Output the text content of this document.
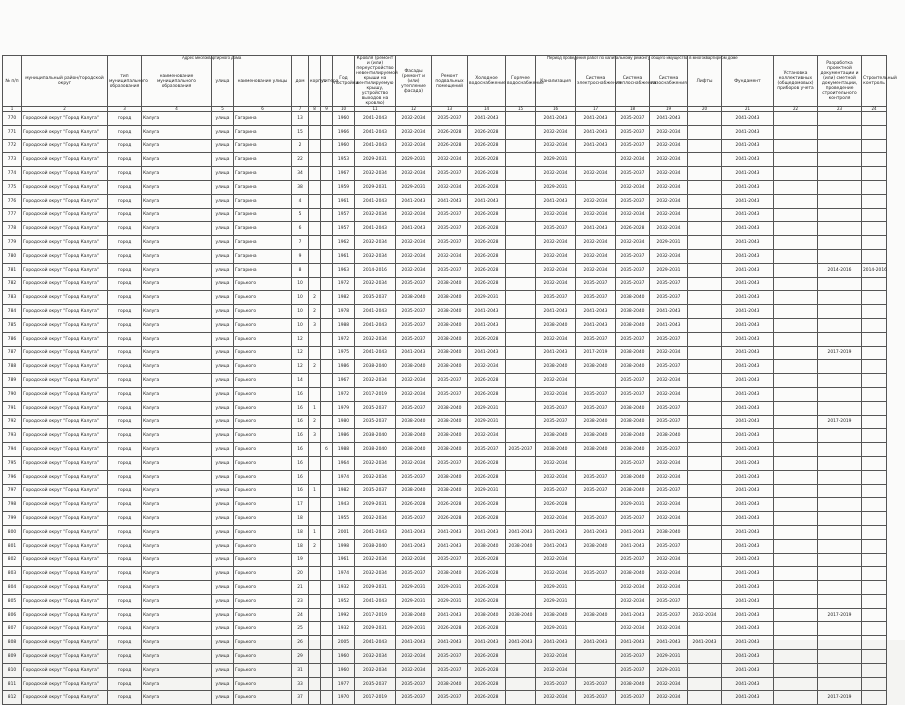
Адрес многоквартирного дома	Период проведения работ по капитальному ремонту общего имущества в многоквартирном доме
№ п/п	муниципальный район/городской округ	тип муниципального образования	наименование муниципального образования	улица	наименование улицы	дом	корпус	литера	Год постройки	Кровля (ремонт и (или) переустройство невентилируемой крыши на вентилируемую крышу, устройство выходов на кровлю)	Фасады (ремонт и (или) утепление фасада)	Ремонт подвальных помещений	Холодное водоснабжение	Горячее водоснабжение	Канализация	Система электроснабжения	Система теплоснабжения	Система газоснабжения	Лифты	Фундамент	Установка коллективных (общедомовых) приборов учета	Разработка проектной документации и (или) сметной документации, проведение строительного контроля	Строительный контроль
1	2	3	4	5	6	7	8	9	10	11	12	13	14	15	16	17	18	19	20	21	22	23	24
770	Городской округ "Город Калуга"	город	Калуга	улица	Гагарина	13			1960	2041-2043	2032-2034	2035-2037	2041-2043		2041-2043	2041-2043	2035-2037	2041-2043		2041-2043			
771	Городской округ "Город Калуга"	город	Калуга	улица	Гагарина	15			1966	2041-2043	2032-2034	2026-2028	2026-2028		2032-2034	2041-2043	2035-2037	2032-2034		2041-2043			
772	Городской округ "Город Калуга"	город	Калуга	улица	Гагарина	2			1960	2041-2043	2032-2034	2026-2028	2026-2028		2032-2034	2041-2043	2035-2037	2032-2034		2041-2043			
773	Городской округ "Город Калуга"	город	Калуга	улица	Гагарина	22			1953	2029-2031	2029-2031	2032-2034	2026-2028		2029-2031		2032-2034	2032-2034		2041-2043			
774	Городской округ "Город Калуга"	город	Калуга	улица	Гагарина	34			1967	2032-2034	2032-2034	2035-2037	2026-2028		2032-2034	2032-2034	2035-2037	2032-2034		2041-2043			
775	Городской округ "Город Калуга"	город	Калуга	улица	Гагарина	38			1959	2029-2031	2029-2031	2032-2034	2026-2028		2029-2031		2032-2034	2032-2034		2041-2043			
776	Городской округ "Город Калуга"	город	Калуга	улица	Гагарина	4			1961	2041-2043	2041-2043	2041-2043	2041-2043		2041-2043	2032-2034	2035-2037	2032-2034		2041-2043			
777	Городской округ "Город Калуга"	город	Калуга	улица	Гагарина	5			1957	2032-2034	2032-2034	2035-2037	2026-2028		2032-2034	2032-2034	2032-2034	2032-2034		2041-2043			
778	Городской округ "Город Калуга"	город	Калуга	улица	Гагарина	6			1957	2041-2043	2041-2043	2035-2037	2026-2028		2035-2037	2041-2043	2026-2028	2032-2034		2041-2043			
779	Городской округ "Город Калуга"	город	Калуга	улица	Гагарина	7			1962	2032-2034	2032-2034	2035-2037	2026-2028		2032-2034	2032-2034	2032-2034	2029-2031		2041-2043			
780	Городской округ "Город Калуга"	город	Калуга	улица	Гагарина	9			1961	2032-2034	2032-2034	2032-2034	2026-2028		2032-2034	2032-2034	2035-2037	2032-2034		2041-2043			
781	Городской округ "Город Калуга"	город	Калуга	улица	Гагарина	8			1963	2014-2016	2032-2034	2035-2037	2026-2028		2032-2034	2032-2034	2035-2037	2029-2031		2041-2043		2014-2016	2014-2016
782	Городской округ "Город Калуга"	город	Калуга	улица	Горького	10			1972	2032-2034	2035-2037	2038-2040	2026-2028		2032-2034	2035-2037	2035-2037	2035-2037		2041-2043			
783	Городской округ "Город Калуга"	город	Калуга	улица	Горького	10	2		1982	2035-2037	2038-2040	2038-2040	2029-2031		2035-2037	2035-2037	2038-2040	2035-2037		2041-2043			
784	Городской округ "Город Калуга"	город	Калуга	улица	Горького	10	2		1978	2041-2043	2035-2037	2038-2040	2041-2043		2041-2043	2041-2043	2038-2040	2041-2043		2041-2043			
785	Городской округ "Город Калуга"	город	Калуга	улица	Горького	10	3		1988	2041-2043	2035-2037	2038-2040	2041-2043		2038-2040	2041-2043	2038-2040	2041-2043		2041-2043			
786	Городской округ "Город Калуга"	город	Калуга	улица	Горького	12			1972	2032-2034	2035-2037	2038-2040	2026-2028		2032-2034	2035-2037	2035-2037	2035-2037		2041-2043			
787	Городской округ "Город Калуга"	город	Калуга	улица	Горького	12			1975	2041-2043	2041-2043	2038-2040	2041-2043		2041-2043	2017-2019	2038-2040	2032-2034		2041-2043		2017-2019	
788	Городской округ "Город Калуга"	город	Калуга	улица	Горького	12	2		1986	2038-2040	2038-2040	2038-2040	2032-2034		2038-2040	2038-2040	2038-2040	2035-2037		2041-2043			
789	Городской округ "Город Калуга"	город	Калуга	улица	Горького	14			1967	2032-2034	2032-2034	2035-2037	2026-2028		2032-2034		2035-2037	2032-2034		2041-2043			
790	Городской округ "Город Калуга"	город	Калуга	улица	Горького	16			1972	2017-2019	2032-2034	2035-2037	2026-2028		2032-2034	2035-2037	2035-2037	2032-2034		2041-2043			
791	Городской округ "Город Калуга"	город	Калуга	улица	Горького	16	1		1979	2035-2037	2035-2037	2038-2040	2029-2031		2035-2037	2035-2037	2038-2040	2035-2037		2041-2043			
792	Городской округ "Город Калуга"	город	Калуга	улица	Горького	16	2		1980	2035-2037	2038-2040	2038-2040	2029-2031		2035-2037	2038-2040	2038-2040	2035-2037		2041-2043		2017-2019	
793	Городской округ "Город Калуга"	город	Калуга	улица	Горького	16	3		1986	2038-2040	2038-2040	2038-2040	2032-2034		2038-2040	2038-2040	2038-2040	2038-2040		2041-2043			
794	Городской округ "Город Калуга"	город	Калуга	улица	Горького	16		б	1988	2038-2040	2038-2040	2038-2040	2035-2037	2035-2037	2038-2040	2038-2040	2038-2040	2035-2037		2041-2043			
795	Городской округ "Город Калуга"	город	Калуга	улица	Горького	16			1964	2032-2034	2032-2034	2035-2037	2026-2028		2032-2034		2035-2037	2032-2034		2041-2043			
796	Городской округ "Город Калуга"	город	Калуга	улица	Горького	16			1974	2032-2034	2035-2037	2038-2040	2026-2028		2032-2034	2035-2037	2038-2040	2032-2034		2041-2043			
797	Городской округ "Город Калуга"	город	Калуга	улица	Горького	16	1		1982	2035-2037	2038-2040	2038-2040	2029-2031		2035-2037	2035-2037	2038-2040	2035-2037		2041-2043			
798	Городской округ "Город Калуга"	город	Калуга	улица	Горького	17			1943	2029-2031	2026-2028	2026-2028	2026-2028		2026-2028		2029-2031	2032-2034		2041-2043			
799	Городской округ "Город Калуга"	город	Калуга	улица	Горького	18			1955	2032-2034	2035-2037	2026-2028	2026-2028		2032-2034	2035-2037	2035-2037	2032-2034		2041-2043			
800	Городской округ "Город Калуга"	город	Калуга	улица	Горького	18	1		2001	2041-2043	2041-2043	2041-2043	2041-2043	2041-2043	2041-2043	2041-2043	2041-2043	2038-2040		2041-2043			
801	Городской округ "Город Калуга"	город	Калуга	улица	Горького	18	2		1998	2038-2040	2041-2043	2041-2043	2038-2040	2038-2040	2041-2043	2038-2040	2041-2043	2035-2037		2041-2043			
802	Городской округ "Город Калуга"	город	Калуга	улица	Горького	19			1961	2032-2034	2032-2034	2035-2037	2026-2028		2032-2034		2035-2037	2032-2034		2041-2043			
803	Городской округ "Город Калуга"	город	Калуга	улица	Горького	20			1974	2032-2034	2035-2037	2038-2040	2026-2028		2032-2034	2035-2037	2038-2040	2032-2034		2041-2043			
804	Городской округ "Город Калуга"	город	Калуга	улица	Горького	21			1932	2029-2031	2029-2031	2029-2031	2026-2028		2029-2031		2032-2034	2032-2034		2041-2043			
805	Городской округ "Город Калуга"	город	Калуга	улица	Горького	23			1952	2041-2043	2029-2031	2029-2031	2026-2028		2029-2031		2032-2034	2035-2037		2041-2043			
806	Городской округ "Город Калуга"	город	Калуга	улица	Горького	24			1992	2017-2019	2038-2040	2041-2043	2038-2040	2038-2040	2038-2040	2038-2040	2041-2043	2035-2037	2032-2034	2041-2043		2017-2019	
807	Городской округ "Город Калуга"	город	Калуга	улица	Горького	25			1932	2029-2031	2029-2031	2026-2028	2026-2028		2029-2031		2032-2034	2032-2034		2041-2043			
808	Городской округ "Город Калуга"	город	Калуга	улица	Горького	26			2005	2041-2043	2041-2043	2041-2043	2041-2043	2041-2043	2041-2043	2041-2043	2041-2043	2041-2043	2041-2043	2041-2043			
809	Городской округ "Город Калуга"	город	Калуга	улица	Горького	29			1960	2032-2034	2032-2034	2035-2037	2026-2028		2032-2034		2035-2037	2029-2031		2041-2043			
810	Городской округ "Город Калуга"	город	Калуга	улица	Горького	31			1960	2032-2034	2032-2034	2035-2037	2026-2028		2032-2034		2035-2037	2029-2031		2041-2043			
811	Городской округ "Город Калуга"	город	Калуга	улица	Горького	33			1977	2035-2037	2035-2037	2038-2040	2026-2028		2035-2037	2035-2037	2038-2040	2032-2034		2041-2043			
812	Городской округ "Город Калуга"	город	Калуга	улица	Горького	37			1970	2017-2019	2035-2037	2035-2037	2026-2028		2032-2034	2035-2037	2035-2037	2032-2034		2041-2043		2017-2019	
